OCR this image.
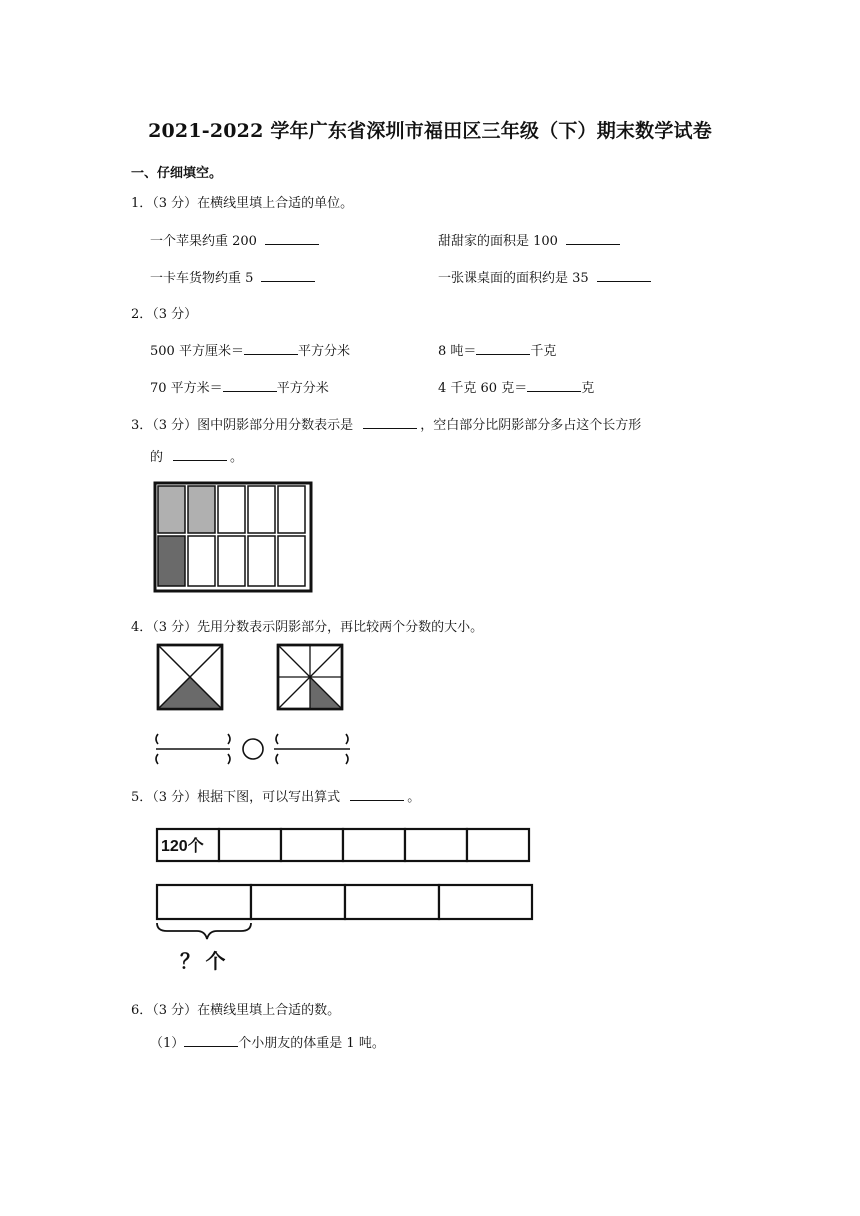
2021-2022 学年广东省深圳市福田区三年级（下）期末数学试卷
一、仔细填空。
1．（3 分）在横线里填上合适的单位。
一个苹果约重 200	甜甜家的面积是 100
一卡车货物约重 5	一张课桌面的面积约是 35
2．（3 分）
500 平方厘米＝	平方分米	8 吨＝	千克
70 平方米＝	平方分米	4 千克 60 克＝	克
3．（3 分）图中阴影部分用分数表示是	，空白部分比阴影部分多占这个长方形
的	。
4．（3 分）先用分数表示阴影部分，再比较两个分数的大小。
5．（3 分）根据下图，可以写出算式	。
120个
？ 个
6．（3 分）在横线里填上合适的数。
（1）	个小朋友的体重是 1 吨。
